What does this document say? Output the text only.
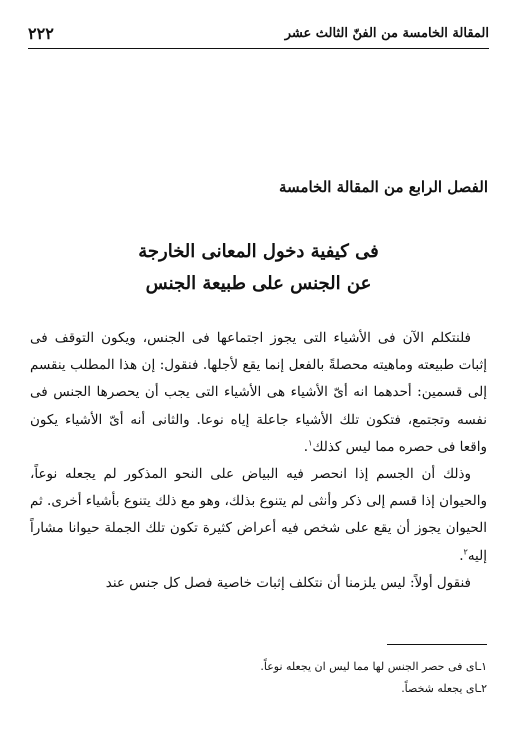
٢٢٢	المقالة الخامسة من الفنّ الثالث عشر
الفصل الرابع من المقالة الخامسة
فى كيفية دخول المعانى الخارجة
عن الجنس على طبيعة الجنس

فلنتكلم الآن فى الأشياء التى يجوز اجتماعها فى الجنس، ويكون التوقف فى إثبات طبيعته وماهيته محصلةً بالفعل إنما يقع لأجلها. فنقول: إن هذا المطلب ينقسم إلى قسمين: أحدهما انه أىّ الأشياء هى الأشياء التى يجب أن يحصرها الجنس فى نفسه وتجتمع، فتكون تلك الأشياء جاعلة إياه نوعا. والثانى أنه أىّ الأشياء يكون واقعا فى حصره مما ليس كذلك$^١$.

وذلك أن الجسم إذا انحصر فيه البياض على النحو المذكور لم يجعله نوعاً، والحيوان إذا قسم إلى ذكر وأنثى لم يتنوع بذلك، وهو مع ذلك يتنوع بأشياء أخرى. ثم الحيوان يجوز أن يقع على شخص فيه أعراض كثيرة تكون تلك الجملة حيوانا مشاراً إليه$^٢$.

فنقول أولاً: ليس يلزمنا أن نتكلف إثبات خاصية فصل كل جنس عند

١ـاى فى حصر الجنس لها مما ليس ان يجعله نوعاً.

٢ـاى يجعله شخصاً.
